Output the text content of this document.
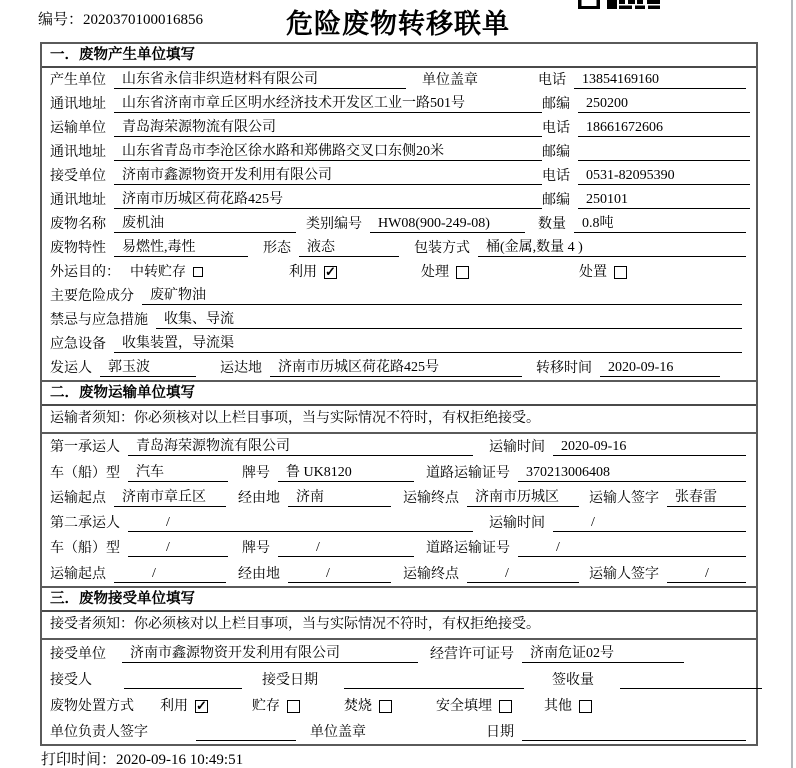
编号：2020370100016856	危险废物转移联单
一．废物产生单位填写
产生单位	山东省永信非织造材料有限公司	单位盖章	电话	13854169160
通讯地址	山东省济南市章丘区明水经济技术开发区工业一路501号	邮编	250200
运输单位	青岛海荣源物流有限公司	电话	18661672606
通讯地址	山东省青岛市李沧区徐水路和郑佛路交叉口东侧20米	邮编
接受单位	济南市鑫源物资开发利用有限公司	电话	0531-82095390
通讯地址	济南市历城区荷花路425号	邮编	250101
废物名称	废机油	类别编号	HW08(900-249-08)	数量	0.8吨
废物特性	易燃性,毒性	形态	液态	包装方式	桶(金属,数量 4 )
外运目的： 中转贮存	利用 ✓	处理	处置
主要危险成分	废矿物油
禁忌与应急措施	收集、导流
应急设备	收集装置，导流渠
发运人	郭玉波	运达地	济南市历城区荷花路425号	转移时间	2020-09-16
二．废物运输单位填写
运输者须知：你必须核对以上栏目事项，当与实际情况不符时，有权拒绝接受。
第一承运人	青岛海荣源物流有限公司	运输时间	2020-09-16
车（船）型	汽车	牌号	鲁 UK8120	道路运输证号	370213006408
运输起点	济南市章丘区	经由地	济南	运输终点	济南市历城区	运输人签字	张春雷
第二承运人	/	运输时间	/
车（船）型	/	牌号	/	道路运输证号	/
运输起点	/	经由地	/	运输终点	/	运输人签字	/
三．废物接受单位填写
接受者须知：你必须核对以上栏目事项，当与实际情况不符时，有权拒绝接受。
接受单位	济南市鑫源物资开发利用有限公司	经营许可证号	济南危证02号
接受人	接受日期	签收量
废物处置方式 利用 ✓	贮存	焚烧	安全填埋	其他
单位负责人签字	单位盖章	日期
打印时间：2020-09-16 10:49:51
